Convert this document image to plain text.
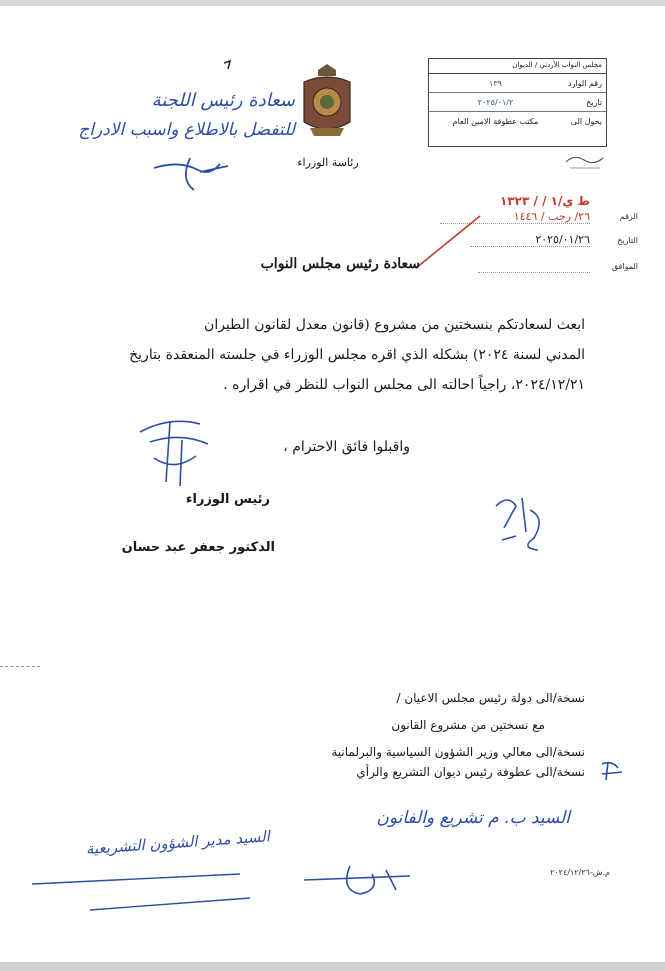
مجلس النواب الأردني / الديوان
رقم الوارد
١٣٩
تاريخ
٢٠٢٥/٠١/٢
يحول الى
مكتب عطوفة الامين العام
رئاسة الوزراء
سعادة رئيس اللجنة
للتفضل بالاطلاع واسبب الادراج
ط ي/١ / / ١٣٢٣
الرقم
٢٦/ رجب / ١٤٤٦
التاريخ
٢٠٢٥/٠١/٢٦
الموافق
سعادة رئيس مجلس النواب
ابعث لسعادتكم بنسختين من مشروع (قانون معدل لقانون الطيران
المدني لسنة ٢٠٢٤) بشكله الذي اقره مجلس الوزراء في جلسته المنعقدة بتاريخ
٢٠٢٤/١٢/٢١، راجياً احالته الى مجلس النواب للنظر في اقراره .
واقبلوا فائق الاحترام ،
رئيس الوزراء
الدكتور جعفر عبد حسان
نسخة/الى دولة رئيس مجلس الاعيان /
مع نسختين من مشروع القانون
نسخة/الى معالي وزير الشؤون السياسية والبرلمانية
نسخة/الى عطوفة رئيس ديوان التشريع والرأي
السيد ب. م تشريع والفانون
السيد مدير الشؤون التشريعية
م.ش-٢٠٢٤/١٢/٢٦
